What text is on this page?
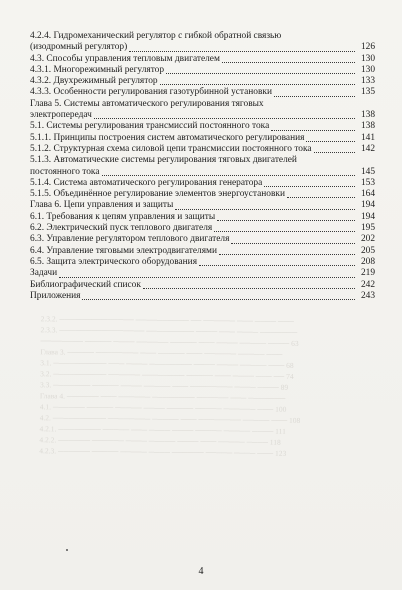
4.2.4. Гидромеханический регулятор с гибкой обратной связью
(изодромный регулятор)	126
4.3. Способы управления тепловым двигателем	130
4.3.1. Многорежимный регулятор	130
4.3.2. Двухрежимный регулятор	133
4.3.3. Особенности регулирования газотурбинной установки	135
Глава 5. Системы автоматического регулирования тяговых
электропередач	138
5.1. Системы регулирования трансмиссий постоянного тока	138
5.1.1. Принципы построения систем автоматического регулирования	141
5.1.2. Структурная схема силовой цепи трансмиссии постоянного тока	142
5.1.3. Автоматические системы регулирования тяговых двигателей
постоянного тока	145
5.1.4. Система автоматического регулирования генератора	153
5.1.5. Объединённое регулирование элементов энергоустановки	164
Глава 6. Цепи управления и защиты	194
6.1. Требования к цепям управления и защиты	194
6.2. Электрический пуск теплового двигателя	195
6.3. Управление регулятором теплового двигателя	202
6.4. Управление тяговыми электродвигателями	205
6.5. Защита электрического оборудования	208
Задачи	219
Библиографический список	242
Приложения	243
2.3.2. ────────────── ────────── ── ────── ─── ──── ───
2.3.3. ──────────────── ───────── ──── ─── ──── ───────
──────── ───── ──── ────── ───── ─── ──── ───── ──── 63
Глава 3. ───── ──────── ─── ───── ─── ────── ───── ───
3.1. ────────── ─── ──── ──────── ──── ──── ───── ─── 68
3.2. ────────── ────── ──────── ───── ─── ──── ─── ── 74
3.3. ─────── ───── ──── ───── ─── ──────── ──── ──── 89
Глава 4. ────── ─── ────── ──────── ────── ─── ───────
4.1. ────── ───── ───── ──── ───── ───── ────── ─── 100
4.2. ────────── ──────── ───── ─── ──────── ───── ─── 108
4.2.1. ──────── ───── ─── ──── ──── ───── ───── ──── 111
4.2.2. ────── ────── ──── ───── ──── ─── ───── ──── 118
4.2.3. ────── ───── ───── ──── ────── ───── ──── ─── 123
4
